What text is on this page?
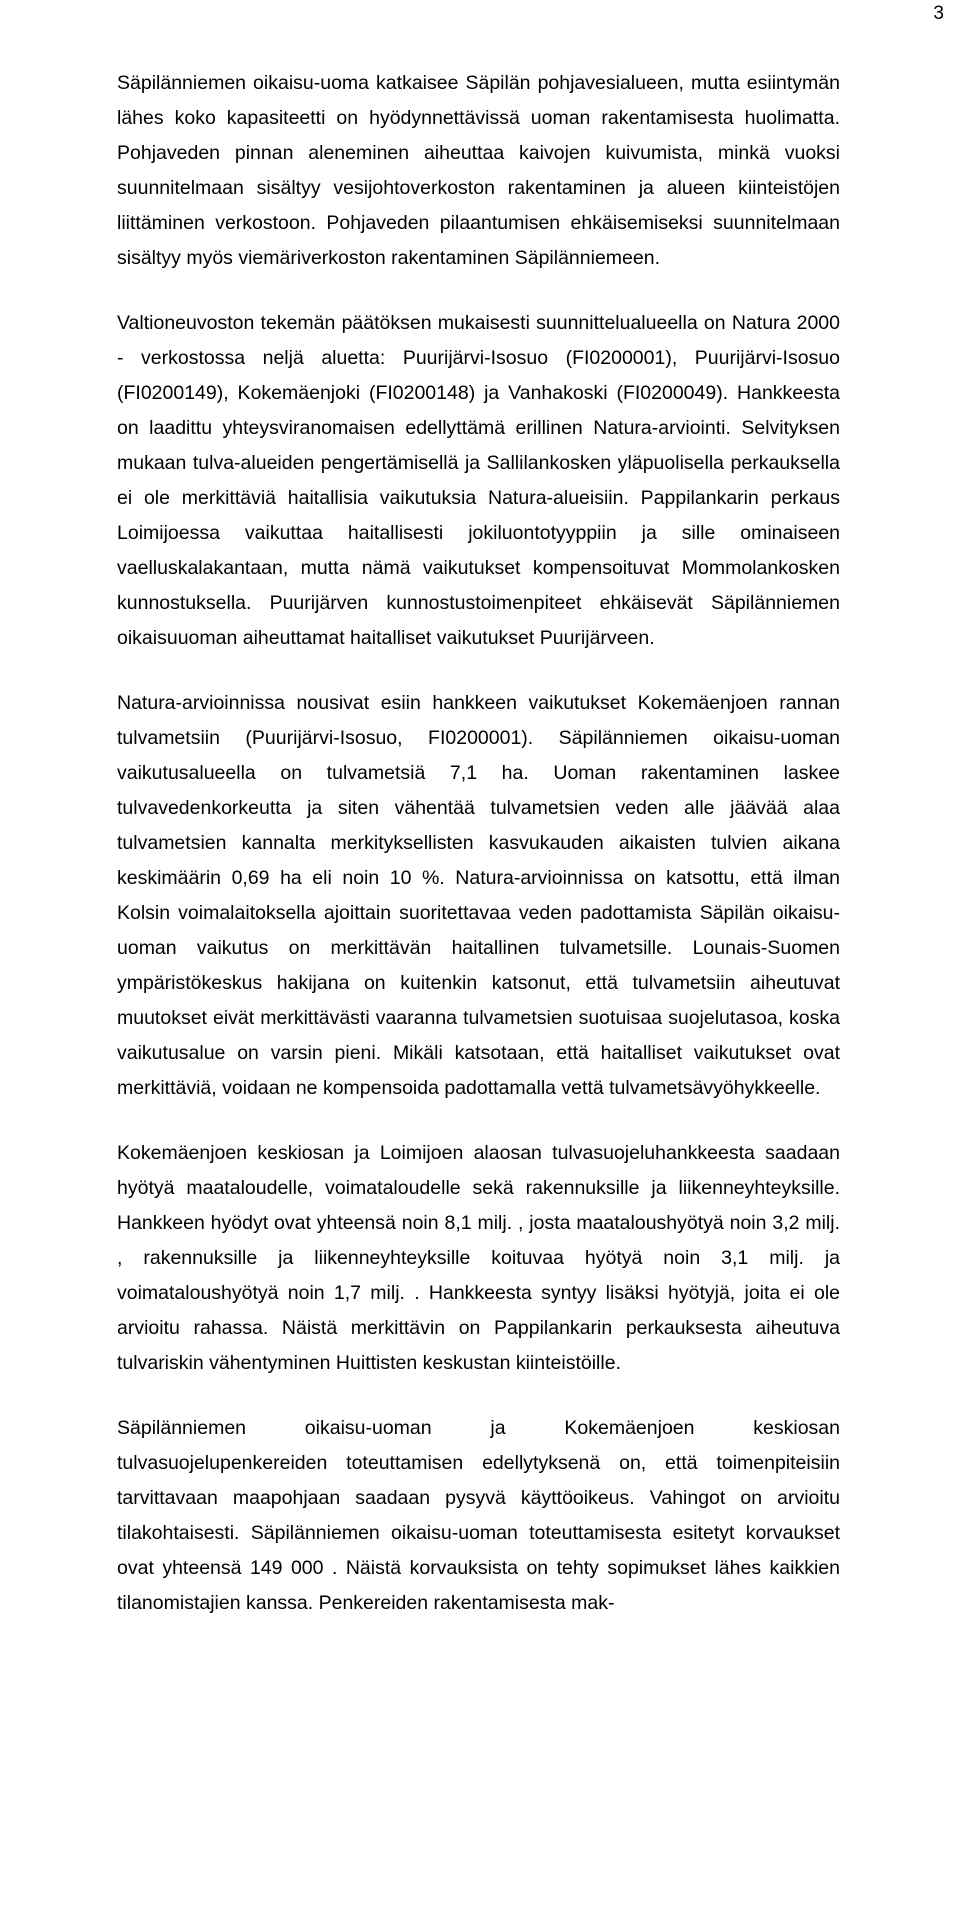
3

Säpilänniemen oikaisu-uoma katkaisee Säpilän pohjavesialueen, mutta esiintymän lähes koko kapasiteetti on hyödynnettävissä uoman rakentamisesta huolimatta. Pohjaveden pinnan aleneminen aiheuttaa kaivojen kuivumista, minkä vuoksi suunnitelmaan sisältyy vesijohtoverkoston rakentaminen ja alueen kiinteistöjen liittäminen verkostoon. Pohjaveden pilaantumisen ehkäisemiseksi suunnitelmaan sisältyy myös viemäriverkoston rakentaminen Säpilänniemeen.

Valtioneuvoston tekemän päätöksen mukaisesti suunnittelualueella on Natura 2000 - verkostossa neljä aluetta: Puurijärvi-Isosuo (FI0200001), Puurijärvi-Isosuo (FI0200149), Kokemäenjoki (FI0200148) ja Vanhakoski (FI0200049). Hankkeesta on laadittu yhteysviranomaisen edellyttämä erillinen Natura-arviointi. Selvityksen mukaan tulva-alueiden pengertämisellä ja Sallilankosken yläpuolisella perkauksella ei ole merkittäviä haitallisia vaikutuksia Natura-alueisiin. Pappilankarin perkaus Loimijoessa vaikuttaa haitallisesti jokiluontotyyppiin ja sille ominaiseen vaelluskalakantaan, mutta nämä vaikutukset kompensoituvat Mommolankosken kunnostuksella. Puurijärven kunnostustoimenpiteet ehkäisevät Säpilänniemen oikaisuuoman aiheuttamat haitalliset vaikutukset Puurijärveen.

Natura-arvioinnissa nousivat esiin hankkeen vaikutukset Kokemäenjoen rannan tulvametsiin (Puurijärvi-Isosuo, FI0200001). Säpilänniemen oikaisu-uoman vaikutusalueella on tulvametsiä 7,1 ha. Uoman rakentaminen laskee tulvavedenkorkeutta ja siten vähentää tulvametsien veden alle jäävää alaa tulvametsien kannalta merkityksellisten kasvukauden aikaisten tulvien aikana keskimäärin 0,69 ha eli noin 10 %. Natura-arvioinnissa on katsottu, että ilman Kolsin voimalaitoksella ajoittain suoritettavaa veden padottamista Säpilän oikaisu-uoman vaikutus on merkittävän haitallinen tulvametsille. Lounais-Suomen ympäristökeskus hakijana on kuitenkin katsonut, että tulvametsiin aiheutuvat muutokset eivät merkittävästi vaaranna tulvametsien suotuisaa suojelutasoa, koska vaikutusalue on varsin pieni. Mikäli katsotaan, että haitalliset vaikutukset ovat merkittäviä, voidaan ne kompensoida padottamalla vettä tulvametsävyöhykkeelle.

Kokemäenjoen keskiosan ja Loimijoen alaosan tulvasuojeluhankkeesta saadaan hyötyä maataloudelle, voimataloudelle sekä rakennuksille ja liikenneyhteyksille. Hankkeen hyödyt ovat yhteensä noin 8,1 milj. , josta maataloushyötyä noin 3,2 milj. , rakennuksille ja liikenneyhteyksille koituvaa hyötyä noin 3,1 milj. ja voimataloushyötyä noin 1,7 milj. . Hankkeesta syntyy lisäksi hyötyjä, joita ei ole arvioitu rahassa. Näistä merkittävin on Pappilankarin perkauksesta aiheutuva tulvariskin vähentyminen Huittisten keskustan kiinteistöille.

Säpilänniemen oikaisu-uoman ja Kokemäenjoen keskiosan tulvasuojelupenkereiden toteuttamisen edellytyksenä on, että toimenpiteisiin tarvittavaan maapohjaan saadaan pysyvä käyttöoikeus. Vahingot on arvioitu tilakohtaisesti. Säpilänniemen oikaisu-uoman toteuttamisesta esitetyt korvaukset ovat yhteensä 149 000 . Näistä korvauksista on tehty sopimukset lähes kaikkien tilanomistajien kanssa. Penkereiden rakentamisesta mak-
